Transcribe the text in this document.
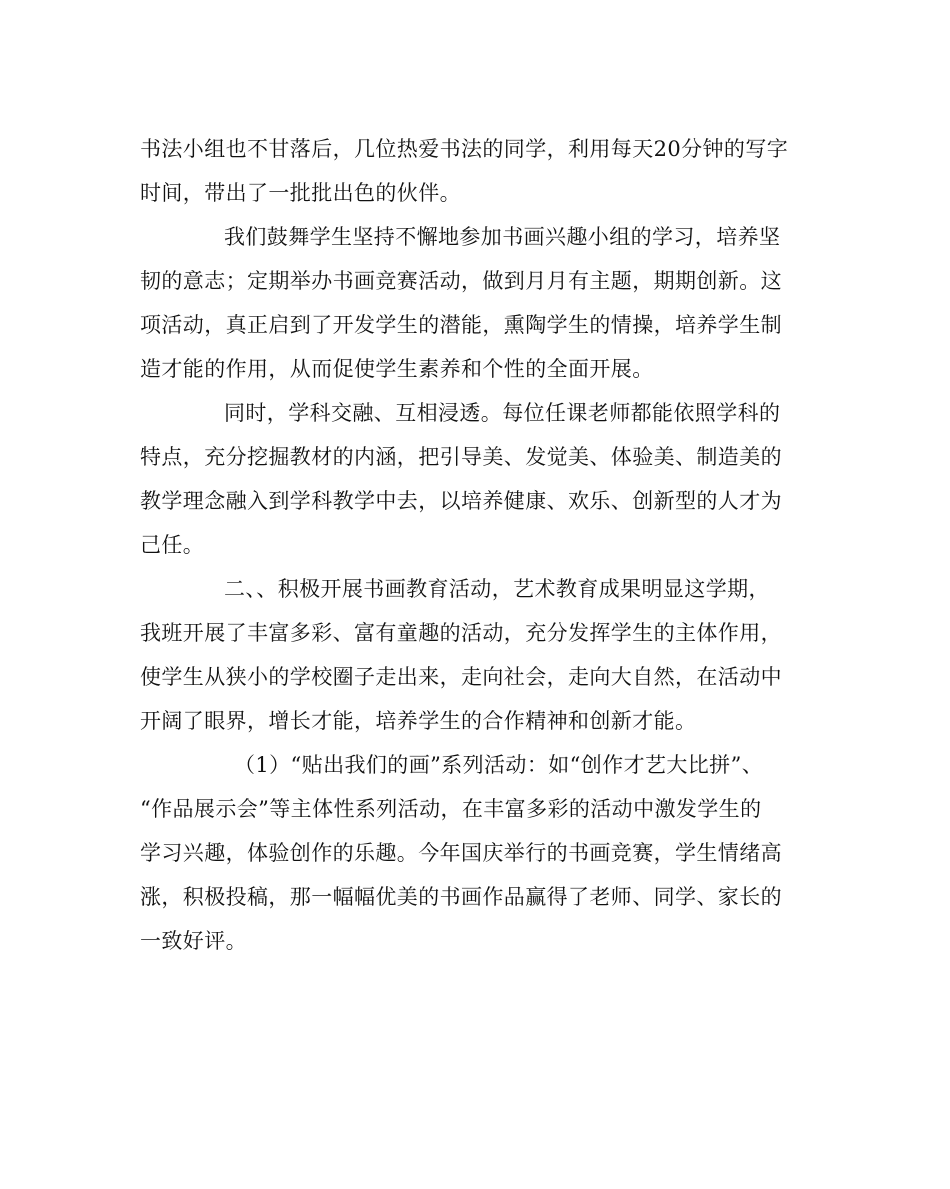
书法小组也不甘落后，几位热爱书法的同学，利用每天20分钟的写字
时间，带出了一批批出色的伙伴。
我们鼓舞学生坚持不懈地参加书画兴趣小组的学习，培养坚
韧的意志；定期举办书画竞赛活动，做到月月有主题，期期创新。这
项活动，真正启到了开发学生的潜能，熏陶学生的情操，培养学生制
造才能的作用，从而促使学生素养和个性的全面开展。
同时，学科交融、互相浸透。每位任课老师都能依照学科的
特点，充分挖掘教材的内涵，把引导美、发觉美、体验美、制造美的
教学理念融入到学科教学中去，以培养健康、欢乐、创新型的人才为
己任。
二、、积极开展书画教育活动，艺术教育成果明显这学期，
我班开展了丰富多彩、富有童趣的活动，充分发挥学生的主体作用，
使学生从狭小的学校圈子走出来，走向社会，走向大自然，在活动中
开阔了眼界，增长才能，培养学生的合作精神和创新才能。
（1）“贴出我们的画”系列活动：如“创作才艺大比拼”、
“作品展示会”等主体性系列活动，在丰富多彩的活动中激发学生的
学习兴趣，体验创作的乐趣。今年国庆举行的书画竞赛，学生情绪高
涨，积极投稿，那一幅幅优美的书画作品赢得了老师、同学、家长的
一致好评。
